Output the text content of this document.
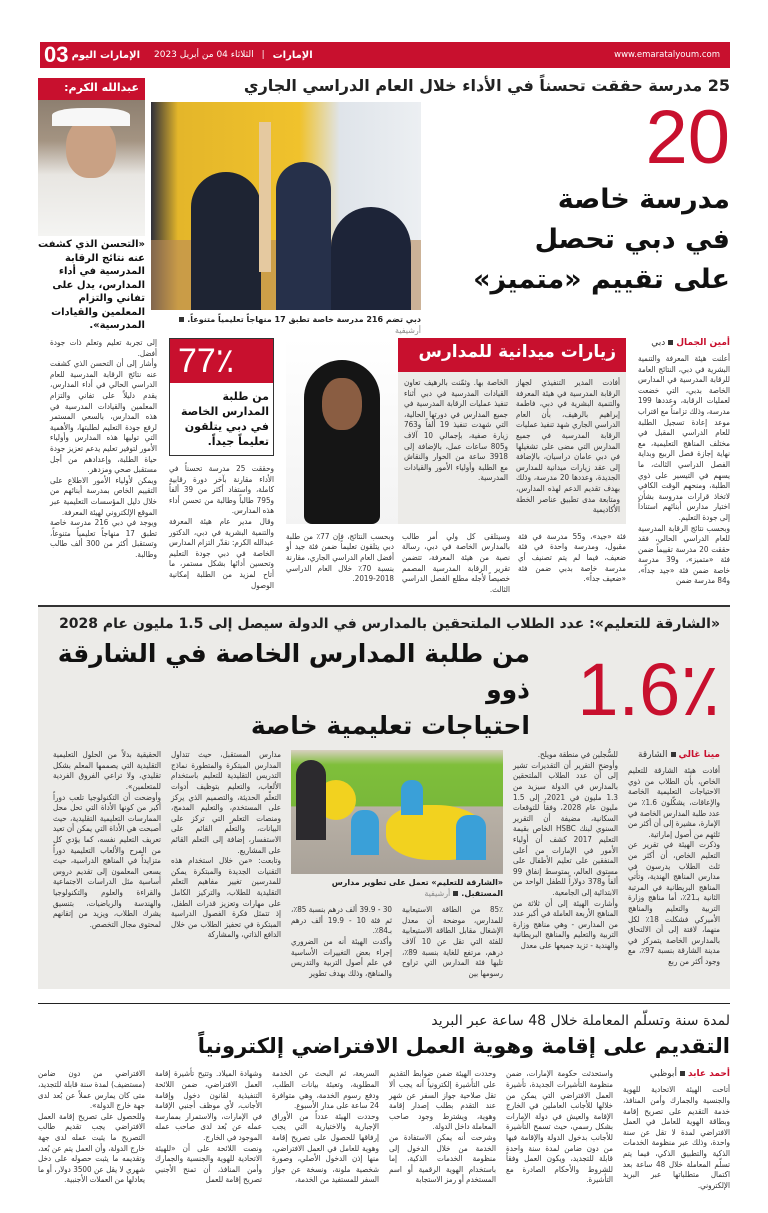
03 الإمارات اليوم	الإمارات
|
الثلاثاء 04 من أبريل 2023	www.emaratalyoum.com
25 مدرسة حققت تحسناً في الأداء خلال العام الدراسي الجاري
عبدالله الكرم:
«التحسن الذي كشفت عنه نتائج الرقابة المدرسية في أداء المدارس، يدل على تفاني والتزام المعلمين والقيادات المدرسية».
دبي تضم 216 مدرسة خاصة تطبق 17 منهاجاً تعليمياً متنوعاً.أرشيفية
20
مدرسة خاصة
في دبي تحصل
على تقييم «متميز»
أمين الجمالدبي
أعلنت هيئة المعرفة والتنمية البشرية في دبي، النتائج العامة للرقابة المدرسية في المدارس الخاصة بدبي، التي خضعت لعمليات الرقابة، وعددها 199 مدرسة، وذلك تزامناً مع اقتراب موعد إعادة تسجيل الطلبة للعام الدراسي المقبل في مختلف المناهج التعليمية، مع نهاية إجازة فصل الربيع وبداية الفصل الدراسي الثالث، ما يسهم في التيسير على ذوي الطلبة، ومنحهم الوقت الكافي لاتخاذ قرارات مدروسة بشأن اختيار مدارس أبنائهم استناداً إلى جودة التعليم.
وبحسب نتائج الرقابة المدرسية للعام الدراسي الحالي، فقد حققت 20 مدرسة تقييماً ضمن فئة «متميز»، و39 مدرسة خاصة ضمن فئة «جيد جداً»، و84 مدرسة ضمن
زيارات ميدانية للمدارس
أفادت المدير التنفيذي لجهاز الرقابة المدرسية في هيئة المعرفة والتنمية البشرية في دبي، فاطمة إبراهيم بالرهيف، بأن العام الدراسي الجاري شهد تنفيذ عمليات الرقابة المدرسية في جميع المدارس التي مضى على تشغيلها في دبي عامان دراسيان، بالإضافة إلى عقد زيارات ميدانية للمدارس الجديدة، وعددها 20 مدرسة، وذلك بهدف تقديم الدعم لهذه المدارس، ومتابعة مدى تطبيق عناصر الخطة الأكاديمية
الخاصة بها. وثمّنت بالرهيف تعاون القيادات المدرسية في دبي أثناء تنفيذ عمليات الرقابة المدرسية في جميع المدارس في دورتها الحالية، التي شهدت تنفيذ 19 ألفاً و763 زيارة صفية، بإجمالي 10 آلاف و805 ساعات عمل، بالإضافة إلى 3918 ساعة من الحوار والنقاش مع الطلبة وأولياء الأمور والقيادات المدرسية.
فئة «جيد»، و55 مدرسة في فئة مقبول، ومدرسة واحدة في فئة ضعيف، فيما لم يتم تصنيف أي مدرسة خاصة بدبي ضمن فئة «ضعيف جداً».
وسيتلقى كل ولي أمر طالب بالمدارس الخاصة في دبي، رسالة نصية من هيئة المعرفة، تتضمن تقرير الرقابة المدرسية المصمم خصيصاً لأجله مطلع الفصل الدراسي الثالث.
وبحسب النتائج، فإن 77٪ من طلبة دبي يتلقون تعليماً ضمن فئة جيد أو أفضل العام الدراسي الجاري، مقارنة بنسبة 70٪ خلال العام الدراسي 2018-2019.
77٪
من طلبة المدارس الخاصة في دبي يتلقون تعليماً جيداً.
وحققت 25 مدرسة تحسناً في الأداء مقارنة بآخر دورة رقابية كاملة، واستفاد أكثر من 39 ألفاً و795 طالباً وطالبة من تحسن أداء هذه المدارس.
وقال مدير عام هيئة المعرفة والتنمية البشرية في دبي، الدكتور عبدالله الكرم: نقدّر التزام المدارس الخاصة في دبي جودة التعليم وتحسين أدائها بشكل مستمر، ما أتاح لمزيد من الطلبة إمكانية الوصول
إلى تجربة تعليم وتعلم ذات جودة أفضل.
وأشار إلى أن التحسن الذي كشفت عنه نتائج الرقابة المدرسية للعام الدراسي الحالي في أداء المدارس، يقدم دليلاً على تفاني والتزام المعلمين والقيادات المدرسية في هذه المدارس، بالسعي المستمر لرفع جودة التعليم لطلبتها، والأهمية التي توليها هذه المدارس وأولياء الأمور لتوفير تعليم يدعم تعزيز جودة حياة الطلبة، وإعدادهم من أجل مستقبل صحي ومزدهر.
ويمكن لأولياء الأمور الاطلاع على التقييم الخاص بمدرسة أبنائهم من خلال دليل المؤسسات التعليمية عبر الموقع الإلكتروني لهيئة المعرفة.
ويوجد في دبي 216 مدرسة خاصة تطبق 17 منهاجاً تعليمياً متنوعاً، وتستقبل أكثر من 300 ألف طالب وطالبة.
«الشارقة للتعليم»: عدد الطلاب الملتحقين بالمدارس في الدولة سيصل إلى 1.5 مليون عام 2028
1.6٪
من طلبة المدارس الخاصة في الشارقة ذوو
احتياجات تعليمية خاصة
مينا غاليالشارقة
أفادت هيئة الشارقة للتعليم الخاص، بأن الطلاب من ذوي الاحتياجات التعليمية الخاصة والإعاقات، يشكّلون 1.6٪ من عدد طلبة المدارس الخاصة في الإمارة، مشيرة إلى أن أكثر من ثلثهم من أصول إماراتية.
وذكرت الهيئة في تقرير عن التعليم الخاص، أن أكثر من ثلث الطلاب يدرسون في مدارس المناهج الهندية، وتأتي المناهج البريطانية في المرتبة الثانية بـ21٪، أما مناهج وزارة التربية والتعليم والمناهج الأميركي فشكلت 18٪ لكل منهما، لافتة إلى أن الالتحاق بالمدارس الخاصة يتمركز في مدينة الشارقة بنسبة 97٪، مع وجود أكثر من ربع
للسُّجلين في منطقة مويلح.
وأوضح التقرير أن التقديرات تشير إلى أن عدد الطلاب الملتحقين بالمدارس في الدولة سيزيد من 1.3 مليون في 2021، إلى 1.5 مليون عام 2028، وفقاً للتوقعات السكانية، مضيفة أن التقرير السنوي لبنك HSBC الخاص بقيمة التعليم 2017 كشف أن أولياء الأمور في الإمارات من أعلى المنفقين على تعليم الأطفال على مستوى العالم، بمتوسط إنفاق 99 ألفاً و378 دولاراً للطفل الواحد من الابتدائية إلى الجامعية.
وأشارت الهيئة إلى أن ثلاثة من المناهج الأربعة العاملة في أكبر عدد من المدارس - وهي مناهج وزارة التربية والتعليم والمناهج البريطانية والهندية - تزيد جميعها على معدل
«الشارقة للتعليم» تعمل على تطوير مدارس المستقبل.أرشيفية
85٪ من الطاقة الاستيعابية للمدارس، موضحة أن معدل الإشغال مقابل الطاقة الاستيعابية للفئة التي تقل عن 10 آلاف درهم، مرتفع للغاية بنسبة 89٪، تليها فئة المدارس التي تراوح رسومها بين
30 - 39.9 ألف درهم بنسبة 85٪، ثم فئة 10 - 19.9 ألف درهم بـ84٪.
وأكدت الهيئة أنه من الضروري إجراء بعض التغييرات الأساسية في علم أصول التربية والتدريس والمناهج، وذلك بهدف تطوير
مدارس المستقبل، حيث تتداول المدارس المبتكرة والمتطورة نماذج التدريس التقليدية للتعليم باستخدام الألعاب، والتعليم بتوظيف أدوات التعلّم الحديثة، والتصميم الذي يركز على المستخدم، والتعليم المدمج، ومنصات التعلم التي تركز على البيانات، والتعلّم القائم على الاستفسار، إضافة إلى التعلم القائم على المشاريع.
وتابعت: «من خلال استخدام هذه التقنيات الجديدة والمبتكرة يمكن للمدرسين تغيير مفاهيم التعلم التقليدية للطلاب، والتركيز الكامل على مهارات وتعزيز قدرات الطفل، إذ تتمثل فكرة الفصول الدراسية المبتكرة في تحفيز الطلاب من خلال الدافع الذاتي، والمشاركة
الحقيقية بدلاً من الحلول التعليمية التقليدية التي يصممها المعلم بشكل تقليدي، ولا تراعي الفروق الفردية للمتعلمين».
وأوضحت أن التكنولوجيا تلعب دوراً أكبر من كونها الأداة التي تحل محل الممارسات التعليمية التقليدية، حيث أصبحت هي الأداة التي يمكن أن تعيد تعريف التعليم نفسه، كما يؤدي كل من المرح والألعاب التعليمية دوراً متزايداً في المناهج الدراسية، حيث يسعى المعلمون إلى تقديم دروس أساسية مثل الدراسات الاجتماعية والقراءة والعلوم والتكنولوجيا والهندسة والرياضيات، بتنسيق يشرك الطلاب، ويزيد من إتقانهم لمحتوى مجال التخصص.
لمدة سنة وتسلّم المعاملة خلال 48 ساعة عبر البريد
التقديم على إقامة وهوية العمل الافتراضي إلكترونياً
أحمد عابدأبوظبي
أتاحت الهيئة الاتحادية للهوية والجنسية والجمارك وأمن المنافذ، خدمة التقديم على تصريح إقامة وبطاقة الهوية للعامل في العمل الافتراضي لمدة لا تقل عن سنة واحدة، وذلك عبر منظومة الخدمات الذكية والتطبيق الذكي، فيما يتم تسلّم المعاملة خلال 48 ساعة بعد اكتمال متطلباتها عبر البريد الإلكتروني.
واستحدثت حكومة الإمارات، ضمن منظومة التأشيرات الجديدة، تأشيرة العمل الافتراضي التي يمكن من خلالها للأجانب العاملين في الخارج الإقامة والعيش في دولة الإمارات بشكل رسمي، حيث تسمح التأشيرة للأجانب بدخول الدولة والإقامة فيها من دون ضامن لمدة سنة واحدة قابلة للتجديد، ويكون العمل وفقاً للشروط والأحكام الصادرة مع التأشيرة.
وحددت الهيئة ضمن ضوابط التقديم على التأشيرة إلكترونياً أنه يجب ألا تقل صلاحية جواز السفر عن شهر عند التقدم بطلب إصدار إقامة وهوية، ويشترط وجود صاحب المعاملة داخل الدولة.
وشرحت أنه يمكن الاستفادة من الخدمة من خلال الدخول إلى منظومة الخدمات الذكية، إما باستخدام الهوية الرقمية أو اسم المستخدم أو رمز الاستجابة
السريعة، ثم البحث عن الخدمة المطلوبة، وتعبئة بيانات الطلب، ودفع رسوم الخدمة، وهي متوافرة 24 ساعة على مدار الأسبوع.
وحددت الهيئة عدداً من الأوراق الإجبارية والاختيارية التي يجب إرفاقها للحصول على تصريح إقامة وهوية للعامل في العمل الافتراضي، منها إذن الدخول الأصلي، وصورة شخصية ملونة، ونسخة عن جواز السفر للمستفيد من الخدمة،
وشهادة الميلاد. وتتيح تأشيرة إقامة العمل الافتراضي، ضمن اللائحة التنفيذية لقانون دخول وإقامة الأجانب، لأي موظف أجنبي الإقامة في الإمارات، والاستمرار بممارسة عمله عن بُعد لدى صاحب عمله الموجود في الخارج.
ونصت اللائحة على أن «للهيئة الاتحادية للهوية والجنسية والجمارك وأمن المنافذ، أن تمنح الأجنبي تصريح إقامة للعمل
الافتراضي من دون ضامن (مستضيف) لمدة سنة قابلة للتجديد، متى كان يمارس عملاً عن بُعد لدى جهة خارج الدولة».
وللحصول على تصريح إقامة العمل الافتراضي يجب تقديم طالب التصريح ما يثبت عمله لدى جهة خارج الدولة، وأن العمل يتم عن بُعد، وتقديمه ما يثبت حصوله على دخل شهري لا يقل عن 3500 دولار، أو ما يعادلها من العملات الأجنبية.
